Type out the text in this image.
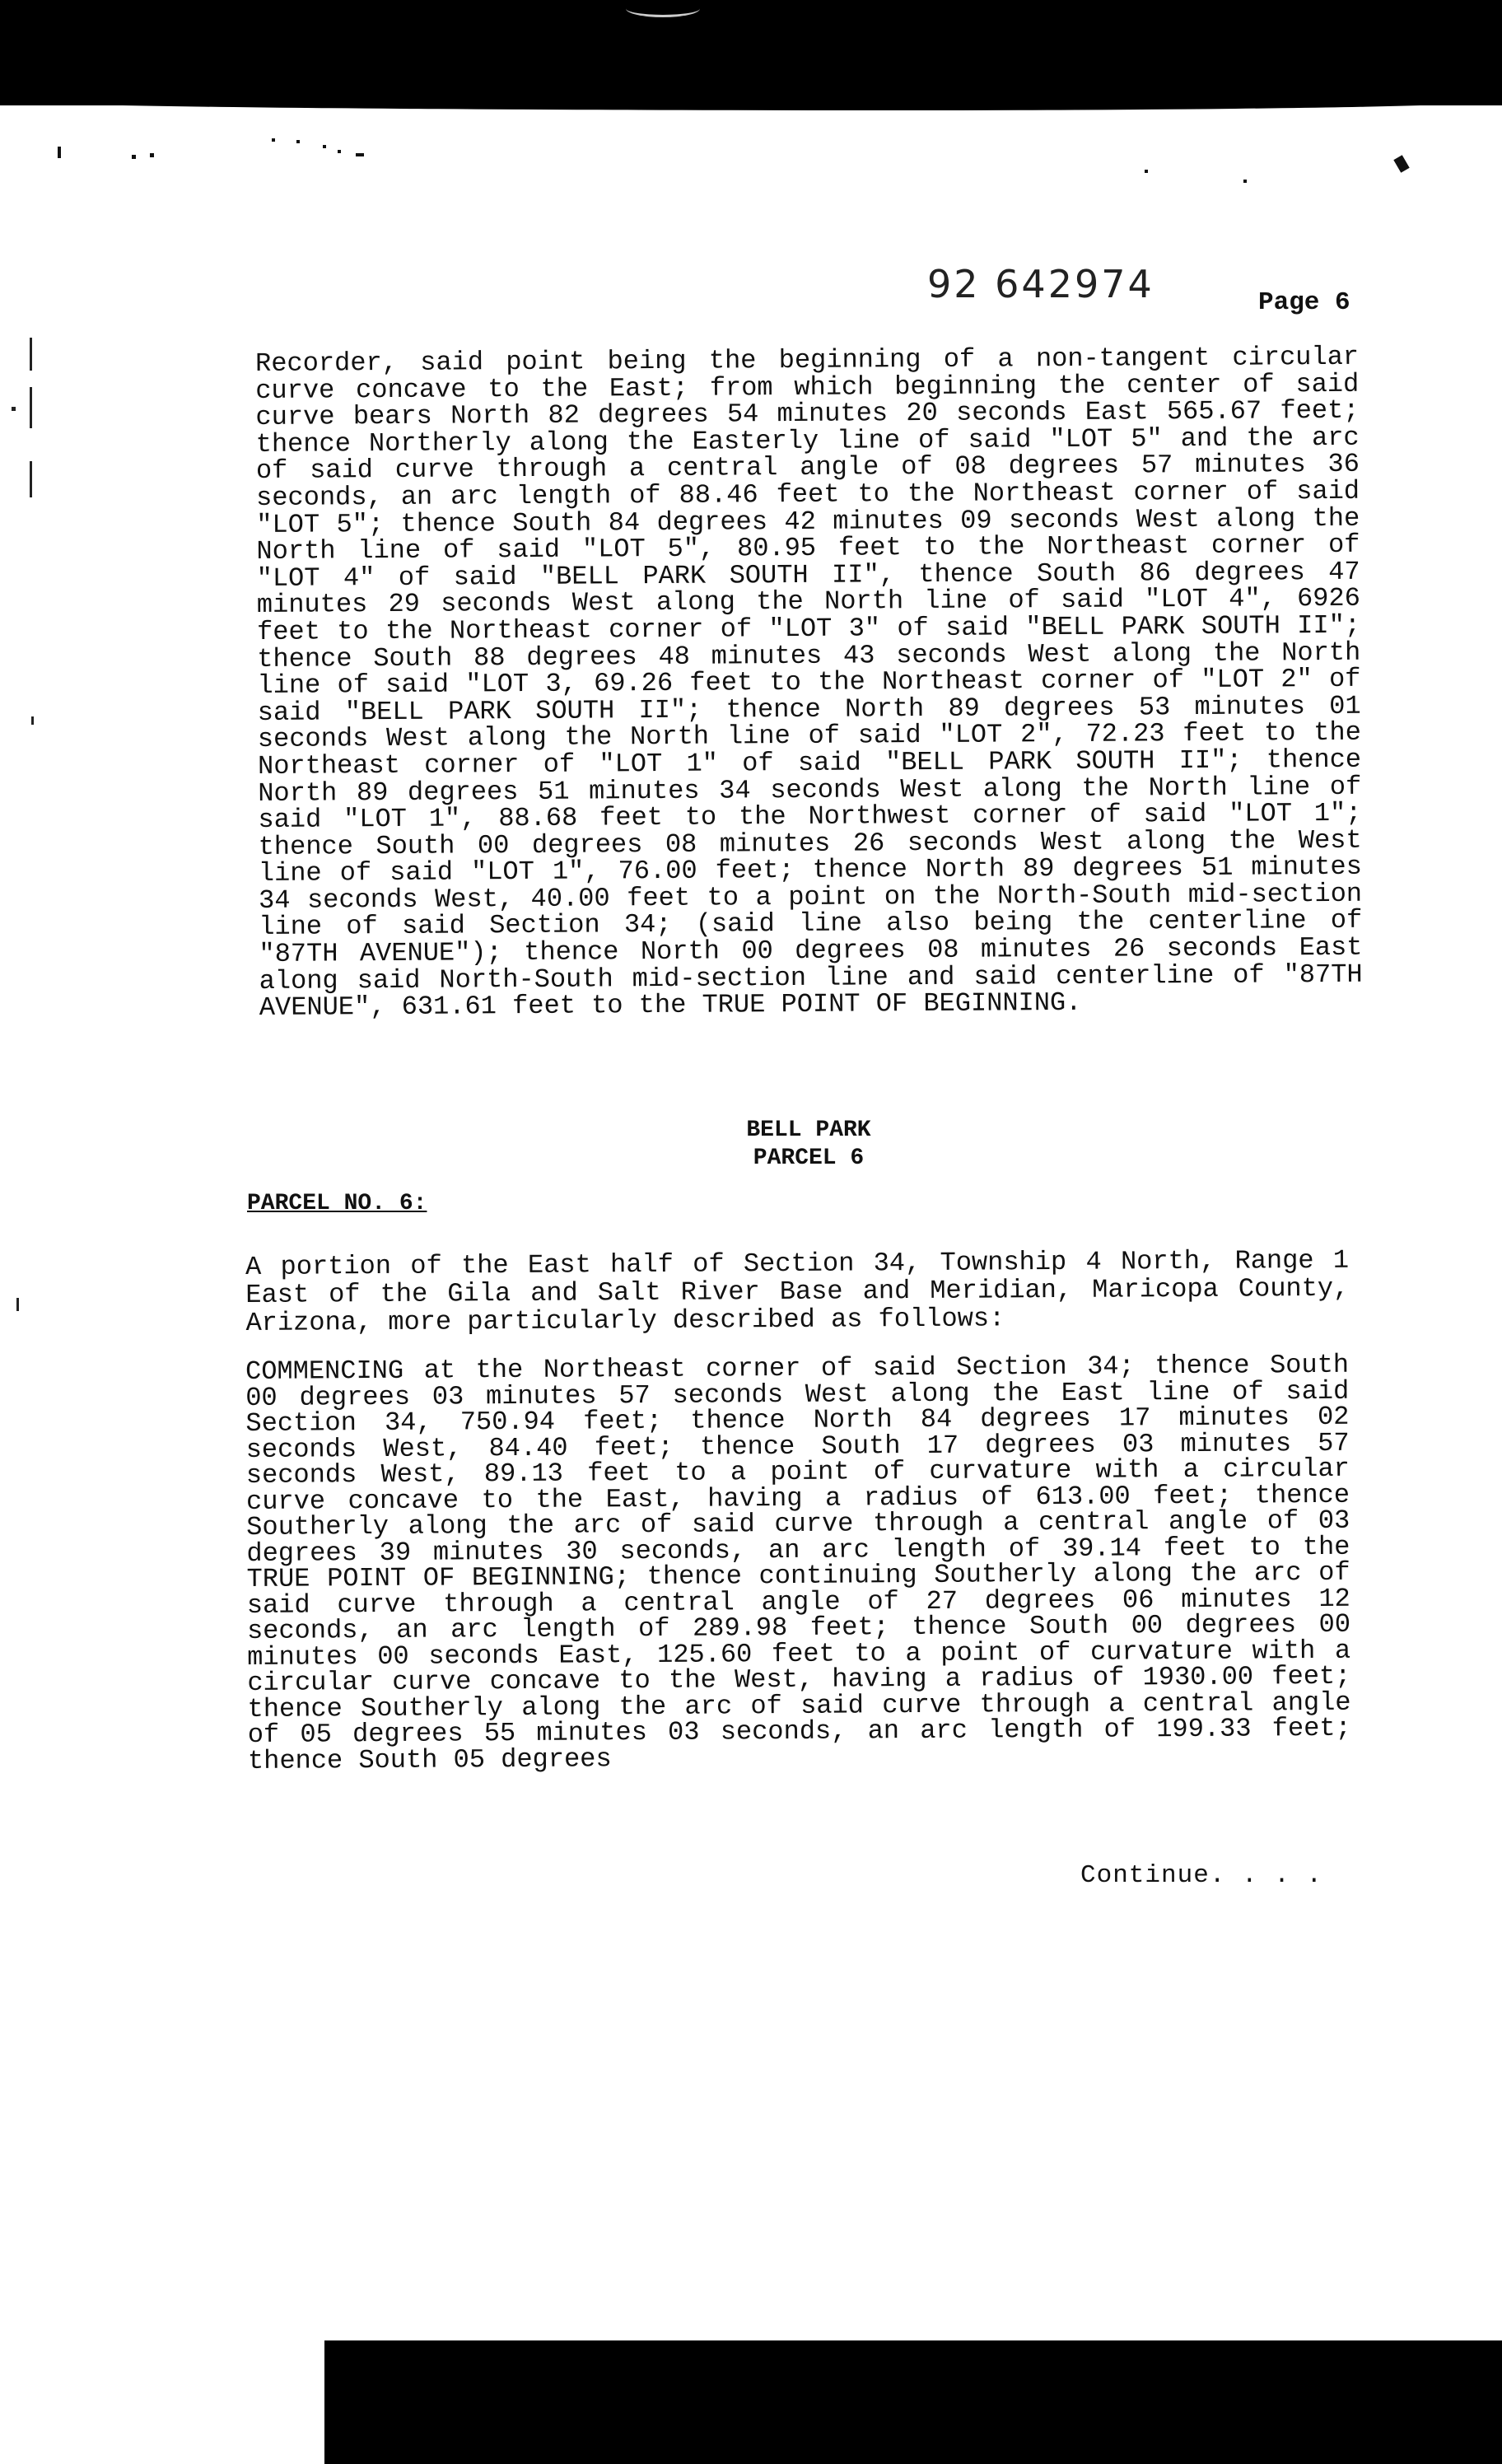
92 642974	Page 6
Recorder, said point being the beginning of a non-tangent circular curve concave to the East; from which beginning the center of said curve bears North 82 degrees 54 minutes 20 seconds East 565.67 feet; thence Northerly along the Easterly line of said "LOT 5" and the arc of said curve through a central angle of 08 degrees 57 minutes 36 seconds, an arc length of 88.46 feet to the Northeast corner of said "LOT 5"; thence South 84 degrees 42 minutes 09 seconds West along the North line of said "LOT 5", 80.95 feet to the Northeast corner of "LOT 4" of said "BELL PARK SOUTH II", thence South 86 degrees 47 minutes 29 seconds West along the North line of said "LOT 4", 6926 feet to the Northeast corner of "LOT 3" of said "BELL PARK SOUTH II"; thence South 88 degrees 48 minutes 43 seconds West along the North line of said "LOT 3, 69.26 feet to the Northeast corner of "LOT 2" of said "BELL PARK SOUTH II"; thence North 89 degrees 53 minutes 01 seconds West along the North line of said "LOT 2", 72.23 feet to the Northeast corner of "LOT 1" of said "BELL PARK SOUTH II"; thence North 89 degrees 51 minutes 34 seconds West along the North line of said "LOT 1", 88.68 feet to the Northwest corner of said "LOT 1"; thence South 00 degrees 08 minutes 26 seconds West along the West line of said "LOT 1", 76.00 feet; thence North 89 degrees 51 minutes 34 seconds West, 40.00 feet to a point on the North-South mid-section line of said Section 34; (said line also being the centerline of "87TH AVENUE"); thence North 00 degrees 08 minutes 26 seconds East along said North-South mid-section line and said centerline of "87TH AVENUE", 631.61 feet to the TRUE POINT OF BEGINNING.
BELL PARK
PARCEL 6
PARCEL NO. 6:
A portion of the East half of Section 34, Township 4 North, Range 1 East of the Gila and Salt River Base and Meridian, Maricopa County, Arizona, more particularly described as follows:
COMMENCING at the Northeast corner of said Section 34; thence South 00 degrees 03 minutes 57 seconds West along the East line of said Section 34, 750.94 feet; thence North 84 degrees 17 minutes 02 seconds West, 84.40 feet; thence South 17 degrees 03 minutes 57 seconds West, 89.13 feet to a point of curvature with a circular curve concave to the East, having a radius of 613.00 feet; thence Southerly along the arc of said curve through a central angle of 03 degrees 39 minutes 30 seconds, an arc length of 39.14 feet to the TRUE POINT OF BEGINNING; thence continuing Southerly along the arc of said curve through a central angle of 27 degrees 06 minutes 12 seconds, an arc length of 289.98 feet; thence South 00 degrees 00 minutes 00 seconds East, 125.60 feet to a point of curvature with a circular curve concave to the West, having a radius of 1930.00 feet; thence Southerly along the arc of said curve through a central angle of 05 degrees 55 minutes 03 seconds, an arc length of 199.33 feet; thence South 05 degrees
Continue. . . .
